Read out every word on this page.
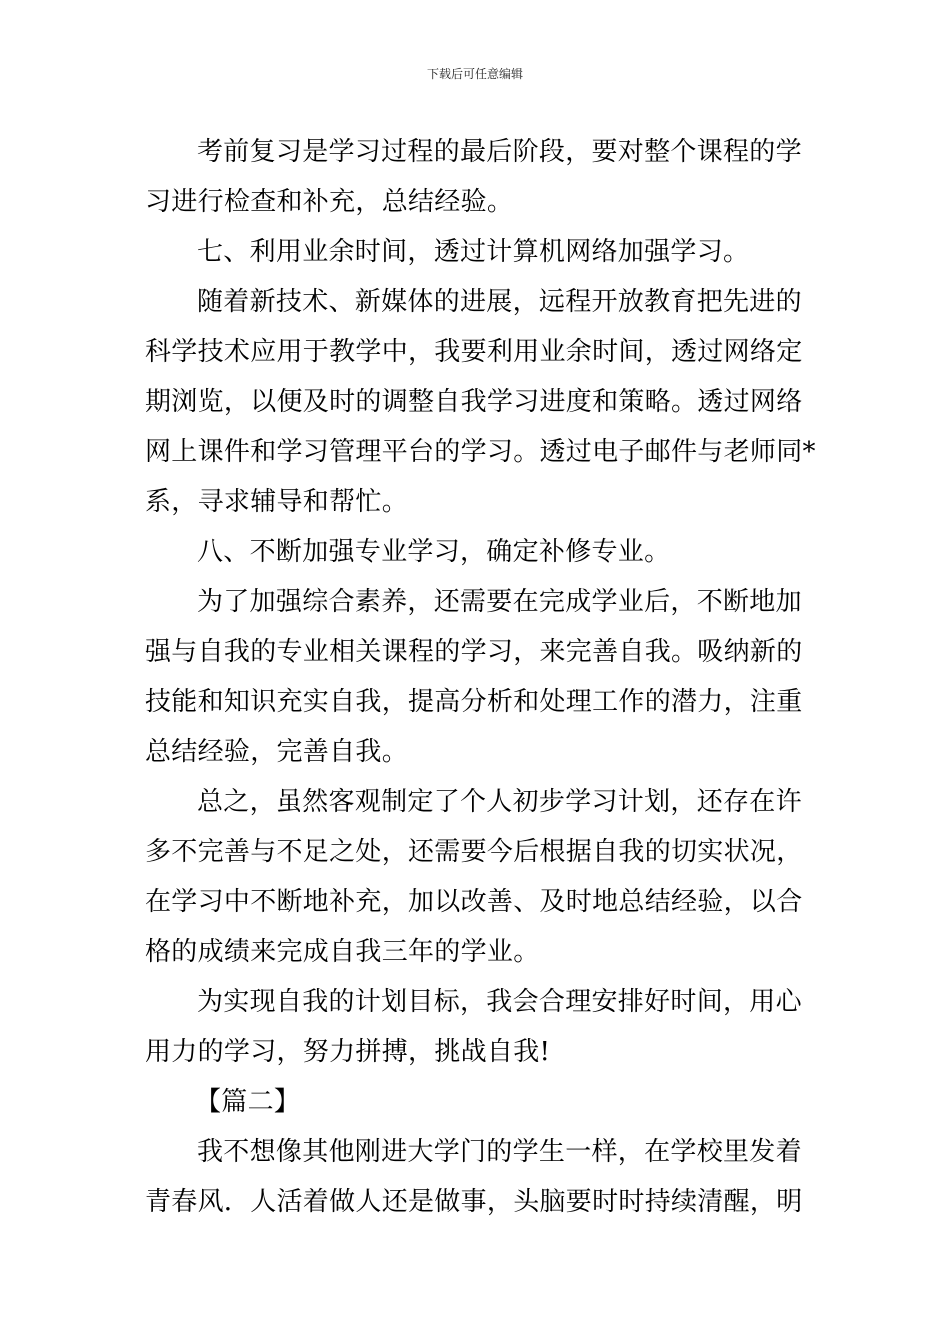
下载后可任意编辑
考前复习是学习过程的最后阶段，要对整个课程的学
习进行检查和补充，总结经验。
七、利用业余时间，透过计算机网络加强学习。
随着新技术、新媒体的进展，远程开放教育把先进的
科学技术应用于教学中，我要利用业余时间，透过网络定
期浏览，以便及时的调整自我学习进度和策略。透过网络
网上课件和学习管理平台的学习。透过电子邮件与老师同*
系，寻求辅导和帮忙。
八、不断加强专业学习，确定补修专业。
为了加强综合素养，还需要在完成学业后，不断地加
强与自我的专业相关课程的学习，来完善自我。吸纳新的
技能和知识充实自我，提高分析和处理工作的潜力，注重
总结经验，完善自我。
总之，虽然客观制定了个人初步学习计划，还存在许
多不完善与不足之处，还需要今后根据自我的切实状况，
在学习中不断地补充，加以改善、及时地总结经验，以合
格的成绩来完成自我三年的学业。
为实现自我的计划目标，我会合理安排好时间，用心
用力的学习，努力拼搏，挑战自我!
【篇二】
我不想像其他刚进大学门的学生一样，在学校里发着
青春风．人活着做人还是做事，头脑要时时持续清醒，明
